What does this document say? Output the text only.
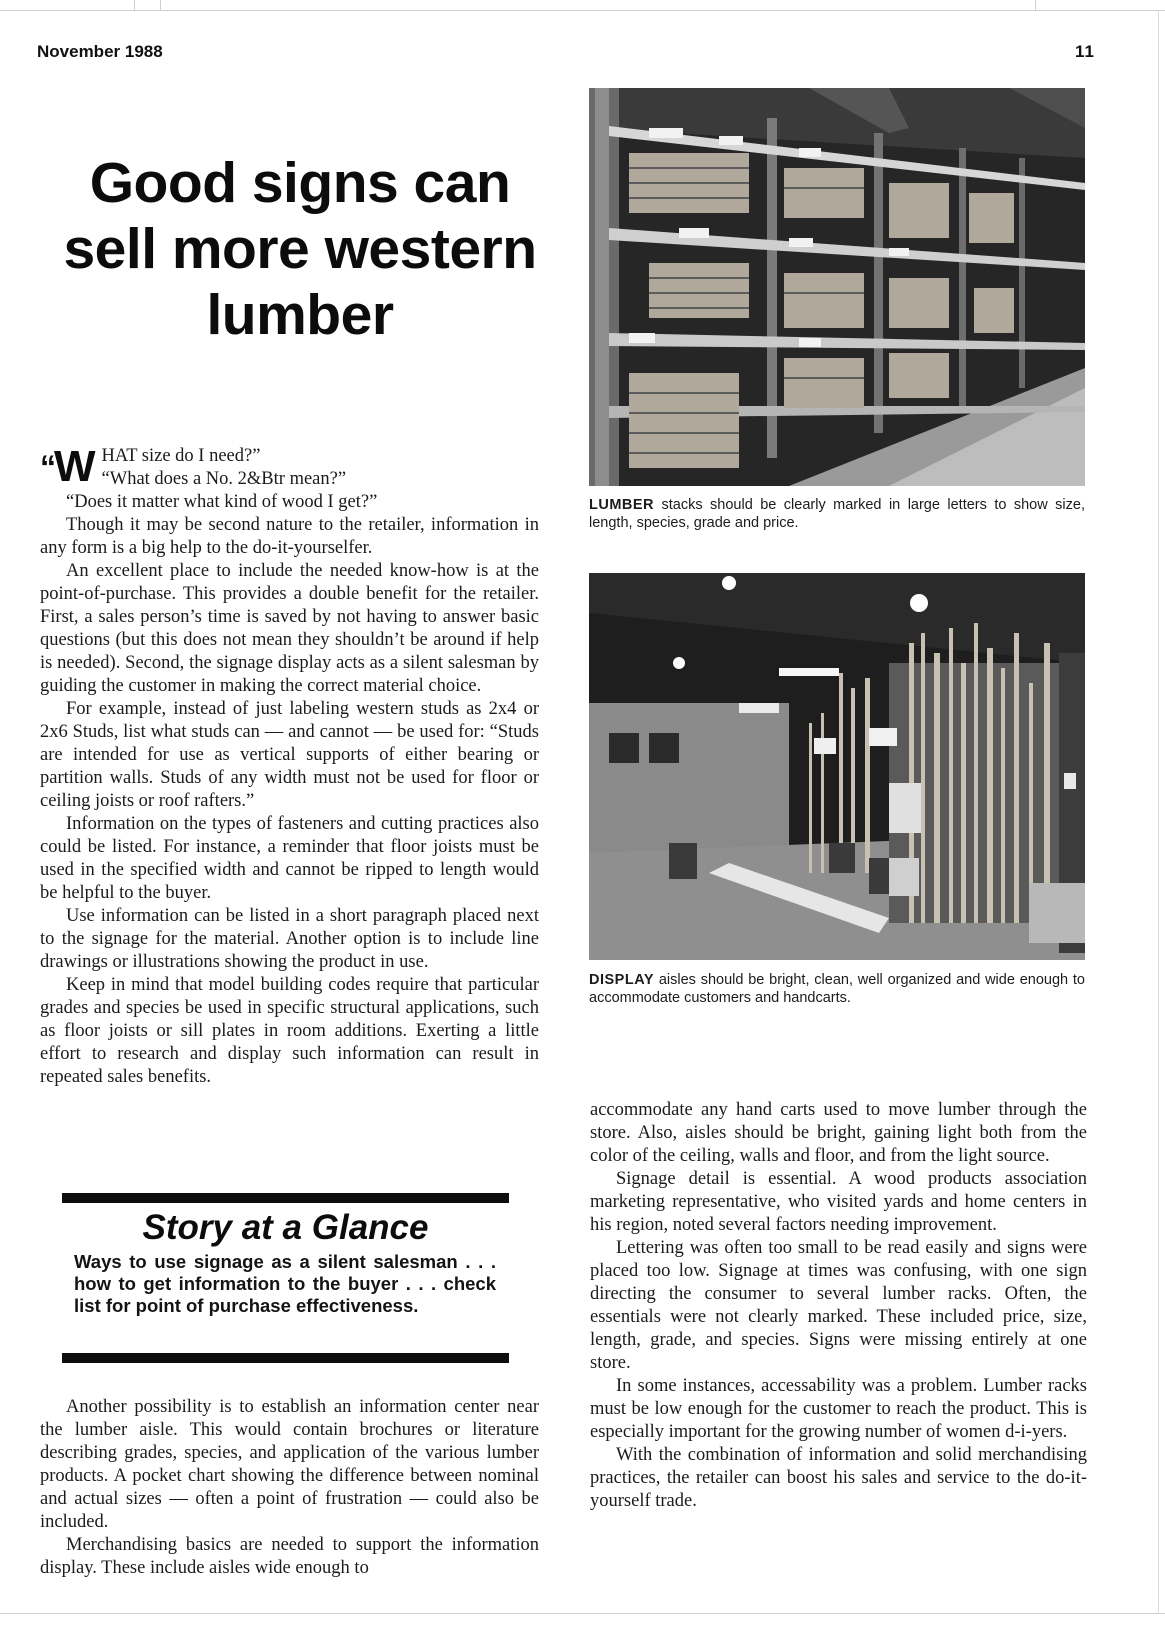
November 1988	11
Good signs can sell more western lumber

“W HAT size do I need?”

“What does a No. 2&Btr mean?”

“Does it matter what kind of wood I get?”

Though it may be second nature to the retailer, information in any form is a big help to the do-it-yourselfer.

An excellent place to include the needed know-how is at the point-of-purchase. This provides a double benefit for the retailer. First, a sales person’s time is saved by not having to answer basic questions (but this does not mean they shouldn’t be around if help is needed). Second, the signage display acts as a silent salesman by guiding the customer in making the correct material choice.

For example, instead of just labeling western studs as 2x4 or 2x6 Studs, list what studs can — and cannot — be used for: “Studs are intended for use as vertical supports of either bearing or partition walls. Studs of any width must not be used for floor or ceiling joists or roof rafters.”

Information on the types of fasteners and cutting practices also could be listed. For instance, a reminder that floor joists must be used in the specified width and cannot be ripped to length would be helpful to the buyer.

Use information can be listed in a short paragraph placed next to the signage for the material. Another option is to include line drawings or illustrations showing the product in use.

Keep in mind that model building codes require that particular grades and species be used in specific structural applications, such as floor joists or sill plates in room additions. Exerting a little effort to research and display such information can result in repeated sales benefits.

Story at a Glance

Ways to use signage as a silent salesman . . . how to get information to the buyer . . . check list for point of purchase effectiveness.

Another possibility is to establish an information center near the lumber aisle. This would contain brochures or literature describing grades, species, and application of the various lumber products. A pocket chart showing the difference between nominal and actual sizes — often a point of frustration — could also be included.

Merchandising basics are needed to support the information display. These include aisles wide enough to

LUMBER stacks should be clearly marked in large letters to show size, length, species, grade and price.

DISPLAY aisles should be bright, clean, well organized and wide enough to accommodate customers and handcarts.

accommodate any hand carts used to move lumber through the store. Also, aisles should be bright, gaining light both from the color of the ceiling, walls and floor, and from the light source.

Signage detail is essential. A wood products association marketing representative, who visited yards and home centers in his region, noted several factors needing improvement.

Lettering was often too small to be read easily and signs were placed too low. Signage at times was confusing, with one sign directing the consumer to several lumber racks. Often, the essentials were not clearly marked. These included price, size, length, grade, and species. Signs were missing entirely at one store.

In some instances, accessability was a problem. Lumber racks must be low enough for the customer to reach the product. This is especially important for the growing number of women d-i-yers.

With the combination of information and solid merchandising practices, the retailer can boost his sales and service to the do-it-yourself trade.
